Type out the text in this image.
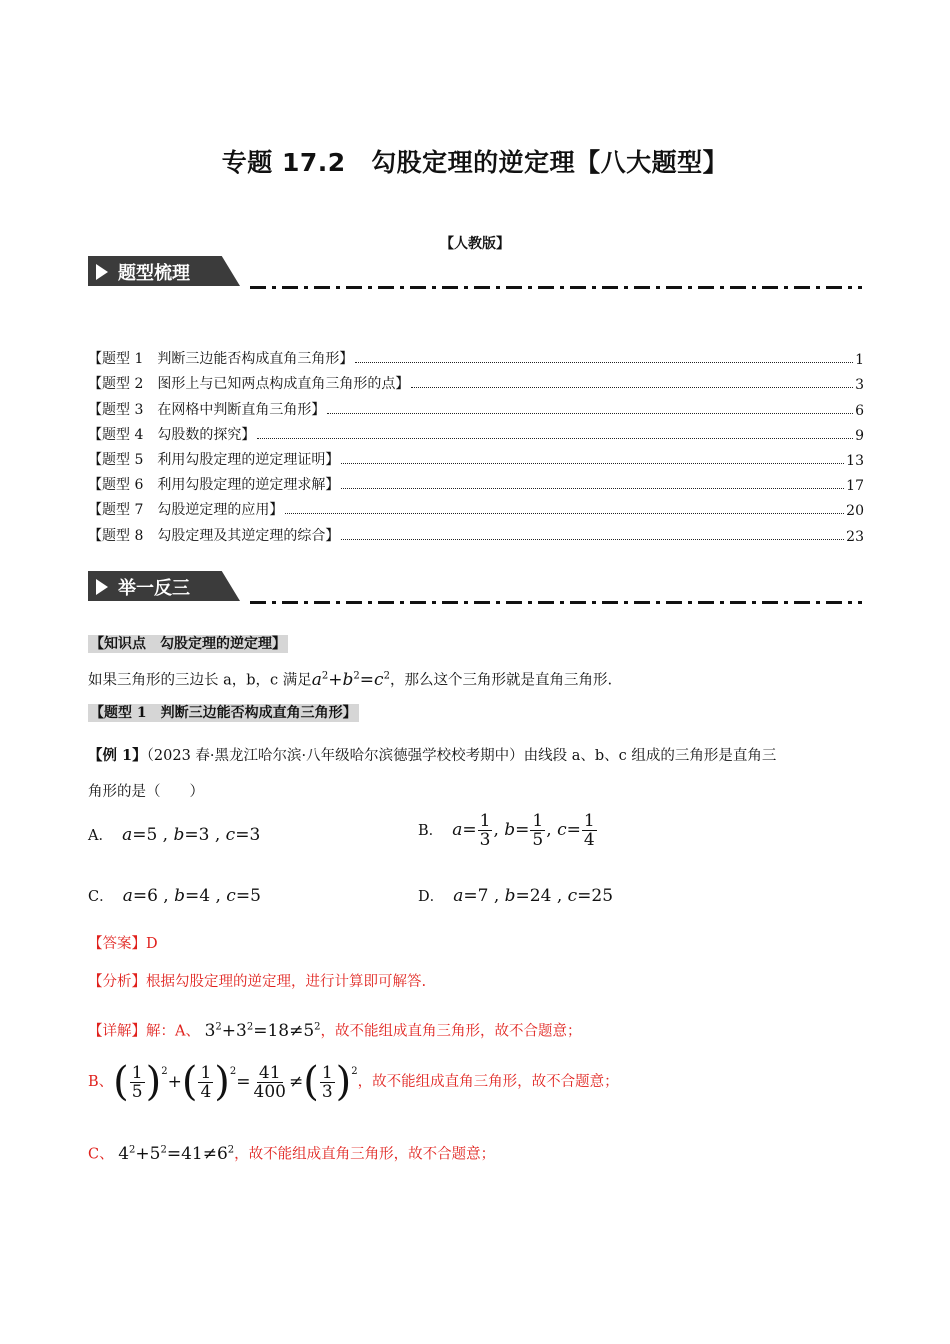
专题 17.2　勾股定理的逆定理【八大题型】
【人教版】
题型梳理
【题型 1　判断三边能否构成直角三角形】	1
【题型 2　图形上与已知两点构成直角三角形的点】	3
【题型 3　在网格中判断直角三角形】	6
【题型 4　勾股数的探究】	9
【题型 5　利用勾股定理的逆定理证明】	13
【题型 6　利用勾股定理的逆定理求解】	17
【题型 7　勾股逆定理的应用】	20
【题型 8　勾股定理及其逆定理的综合】	23
举一反三
【知识点　勾股定理的逆定理】
如果三角形的三边长 a，b，c 满足$a^2+b^2=c^2$，那么这个三角形就是直角三角形.
【题型 1　判断三边能否构成直角三角形】
【例 1】（2023 春·黑龙江哈尔滨·八年级哈尔滨德强学校校考期中）由线段 a、b、c 组成的三角形是直角三
角形的是（　　）
A． a=5 , b=3 , c=3	B． $a= \frac{1}{3}$ , $b= \frac{1}{5}$ , $c= \frac{1}{4}$
C． a=6 , b=4 , c=5	D． a=7 , b=24 , c=25
【答案】D
【分析】根据勾股定理的逆定理，进行计算即可解答.
【详解】解：A、 $3^2+3^2=18\ne 5^2$，故不能组成直角三角形，故不合题意；
B、 ( $\frac{1}{5} )^2$
+ ( $\frac{1}{4} )^2$
= $\frac{41}{400}$ ≠ ( $\frac{1}{3} )^2$
，故不能组成直角三角形，故不合题意；
C、 $4^2+5^2=41\ne 6^2$，故不能组成直角三角形，故不合题意；
